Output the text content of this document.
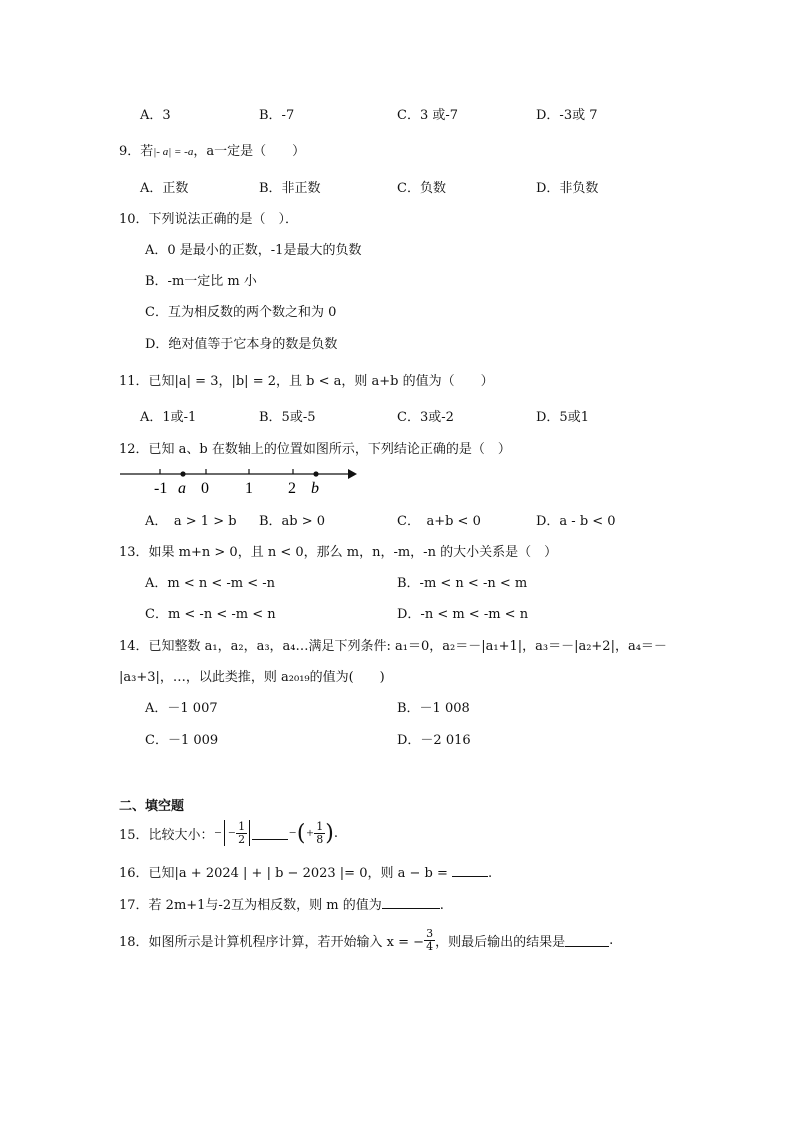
A．3	B．-7	C．3 或-7	D．-3或 7
9．若|- a| = -a，a一定是（　　）
A．正数	B．非正数	C．负数	D．非负数
10．下列说法正确的是（　）．
A．0 是最小的正数，-1是最大的负数
B．-m一定比 m 小
C．互为相反数的两个数之和为 0
D．绝对值等于它本身的数是负数
11．已知|a| = 3，|b| = 2，且 b < a，则 a+b 的值为（　　）
A．1或-1	B．5或-5	C．3或-2	D．5或1
12．已知 a、b 在数轴上的位置如图所示，下列结论正确的是（　）
-1 a 0 1 2 b
A．　a > 1 > b B．ab > 0	C．　a+b < 0	D．a - b < 0
13．如果 m+n > 0，且 n < 0，那么 m，n，-m，-n 的大小关系是（　）
A．m < n < -m < -n	B．-m < n < -n < m
C．m < -n < -m < n	D．-n < m < -m < n
14．已知整数 a₁，a₂，a₃，a₄…满足下列条件: a₁＝0，a₂＝－|a₁+1|，a₃＝－|a₂+2|，a₄＝－
|a₃+3|，…，以此类推，则 a₂₀₁₉的值为(　　)
A．－1 007	B．－1 008
C．－1 009	D．－2 016
二、填空题
15．比较大小： − − $\frac{1}{2}$	− ( + $\frac{1}{8}$ ) .
16．已知|a + 2024 | + | b − 2023 |= 0，则 a − b =	.
17．若 2m+1与-2互为相反数，则 m 的值为	.
18．如图所示是计算机程序计算，若开始输入 x = − $\frac{3}{4}$ ，则最后输出的结果是	.
